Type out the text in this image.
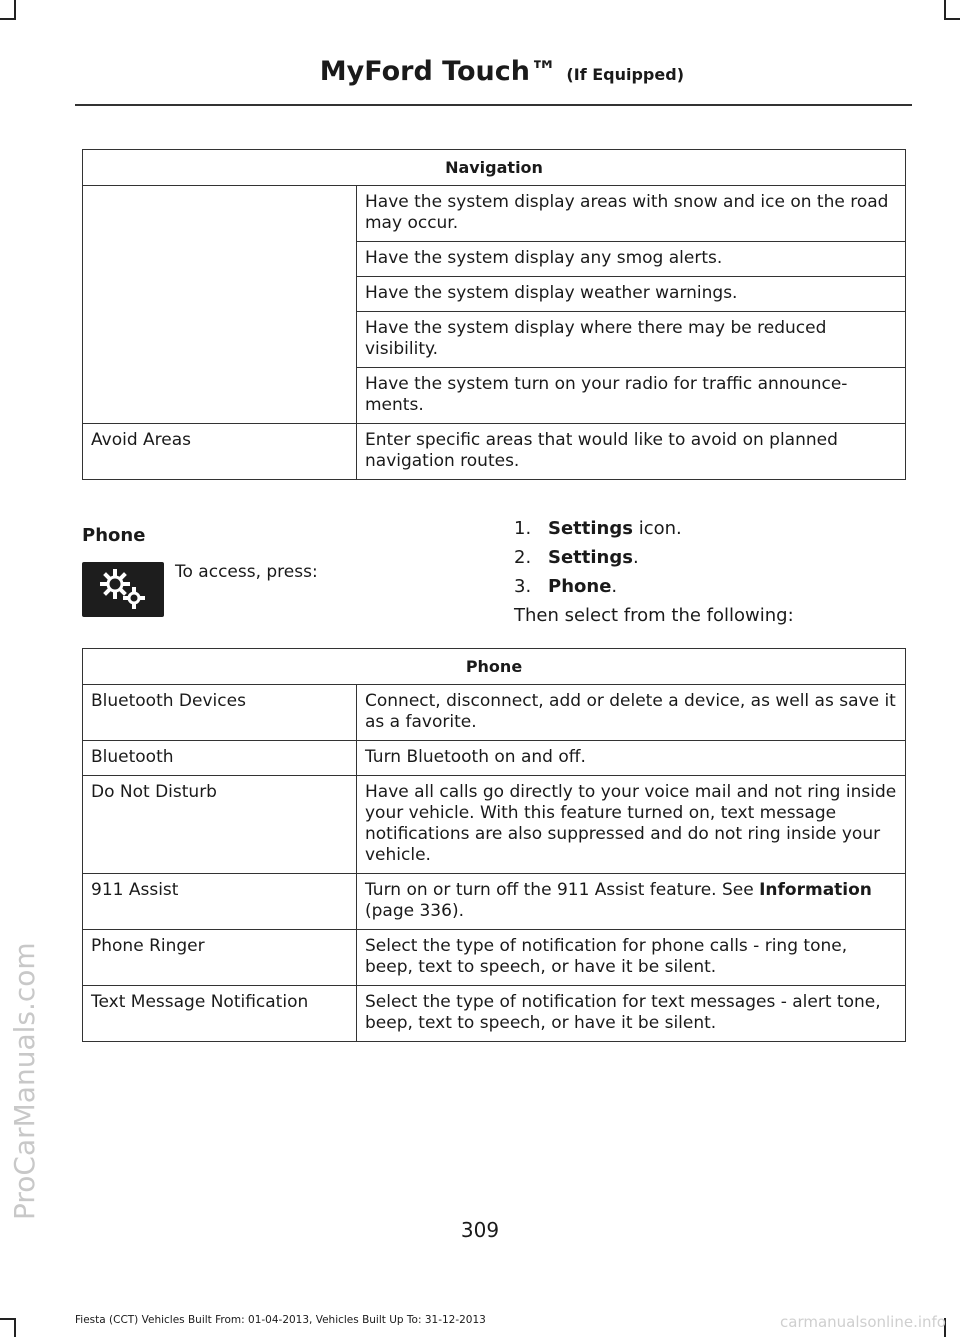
ProCarManuals.com
MyFord Touch™ (If Equipped)
Navigation	
	Have the system display areas with snow and ice on the road may occur.
	Have the system display any smog alerts.
	Have the system display weather warnings.
	Have the system display where there may be reduced visibility.
	Have the system turn on your radio for traffic announce-ments.
Avoid Areas	Enter specific areas that would like to avoid on planned navigation routes.
Phone
To access, press:
1. Settings icon.
2. Settings.
3. Phone.
Then select from the following:
Phone	
Bluetooth Devices	Connect, disconnect, add or delete a device, as well as save it as a favorite.
Bluetooth	Turn Bluetooth on and off.
Do Not Disturb	Have all calls go directly to your voice mail and not ring inside your vehicle. With this feature turned on, text message notifications are also suppressed and do not ring inside your vehicle.
911 Assist	Turn on or turn off the 911 Assist feature. See Information (page 336).
Phone Ringer	Select the type of notification for phone calls - ring tone, beep, text to speech, or have it be silent.
Text Message Notification	Select the type of notification for text messages - alert tone, beep, text to speech, or have it be silent.
309
Fiesta (CCT) Vehicles Built From: 01-04-2013, Vehicles Built Up To: 31-12-2013	carmanualsonline.info
